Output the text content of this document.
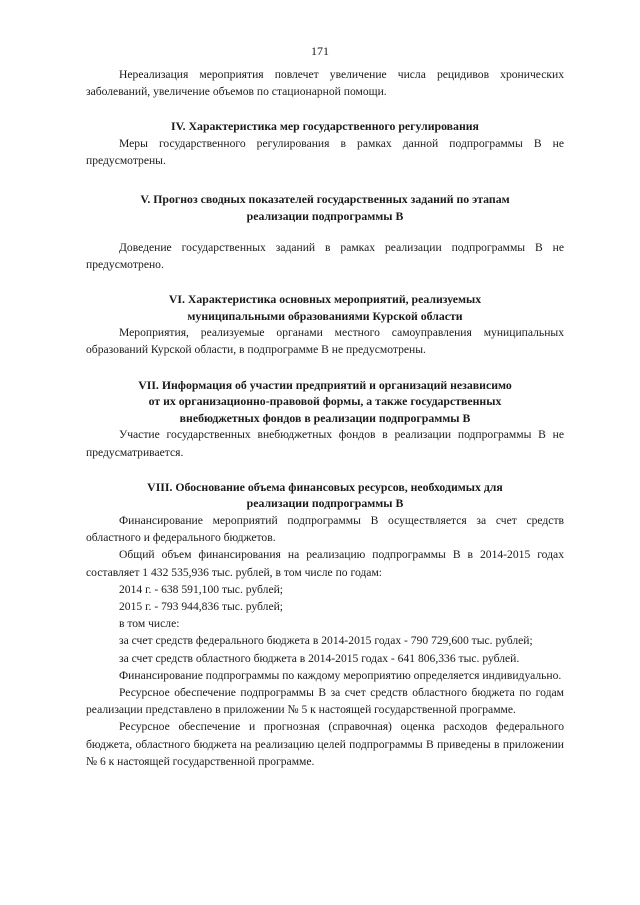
171

Нереализация мероприятия повлечет увеличение числа рецидивов хронических заболеваний, увеличение объемов по стационарной помощи.

IV. Характеристика мер государственного регулирования

Меры государственного регулирования в рамках данной подпрограммы В не предусмотрены.

V. Прогноз сводных показателей государственных заданий по этапам
реализации подпрограммы В

Доведение государственных заданий в рамках реализации подпрограммы В не предусмотрено.

VI. Характеристика основных мероприятий, реализуемых
муниципальными образованиями Курской области

Мероприятия, реализуемые органами местного самоуправления муниципальных образований Курской области, в подпрограмме В не предусмотрены.

VII. Информация об участии предприятий и организаций независимо
от их организационно-правовой формы, а также государственных
внебюджетных фондов в реализации подпрограммы В

Участие государственных внебюджетных фондов в реализации подпрограммы В не предусматривается.

VIII. Обоснование объема финансовых ресурсов, необходимых для
реализации подпрограммы В

Финансирование мероприятий подпрограммы В осуществляется за счет средств областного и федерального бюджетов.

Общий объем финансирования на реализацию подпрограммы В в 2014-2015 годах составляет 1 432 535,936 тыс. рублей, в том числе по годам:

2014 г. - 638 591,100 тыс. рублей;

2015 г. - 793 944,836 тыс. рублей;

в том числе:

за счет средств федерального бюджета в 2014-2015 годах - 790 729,600 тыс. рублей;

за счет средств областного бюджета в 2014-2015 годах - 641 806,336 тыс. рублей.

Финансирование подпрограммы по каждому мероприятию определяется индивидуально.

Ресурсное обеспечение подпрограммы В за счет средств областного бюджета по годам реализации представлено в приложении № 5 к настоящей государственной программе.

Ресурсное обеспечение и прогнозная (справочная) оценка расходов федерального бюджета, областного бюджета на реализацию целей подпрограммы В приведены в приложении № 6 к настоящей государственной программе.
